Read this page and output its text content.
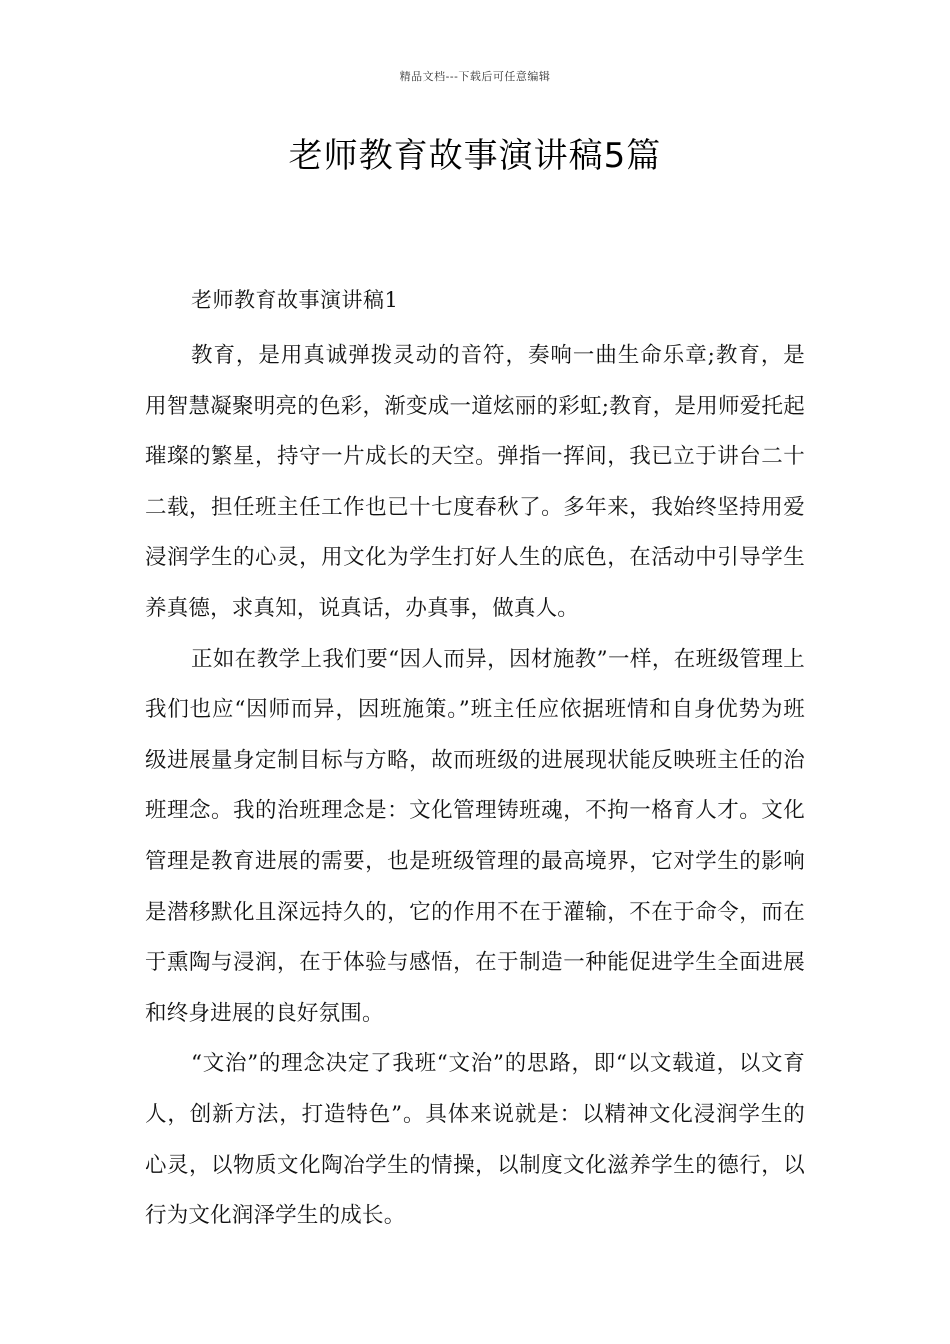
精品文档---下载后可任意编辑
老师教育故事演讲稿5篇
老师教育故事演讲稿1

教育，是用真诚弹拨灵动的音符，奏响一曲生命乐章;教育，是用智慧凝聚明亮的色彩，渐变成一道炫丽的彩虹;教育，是用师爱托起璀璨的繁星，持守一片成长的天空。弹指一挥间，我已立于讲台二十二载，担任班主任工作也已十七度春秋了。多年来，我始终坚持用爱浸润学生的心灵，用文化为学生打好人生的底色，在活动中引导学生养真德，求真知，说真话，办真事，做真人。

正如在教学上我们要“因人而异，因材施教”一样，在班级管理上我们也应“因师而异，因班施策。”班主任应依据班情和自身优势为班级进展量身定制目标与方略，故而班级的进展现状能反映班主任的治班理念。我的治班理念是：文化管理铸班魂，不拘一格育人才。文化管理是教育进展的需要，也是班级管理的最高境界，它对学生的影响是潜移默化且深远持久的，它的作用不在于灌输，不在于命令，而在于熏陶与浸润，在于体验与感悟，在于制造一种能促进学生全面进展和终身进展的良好氛围。

“文治”的理念决定了我班“文治”的思路，即“以文载道，以文育人，创新方法，打造特色”。具体来说就是：以精神文化浸润学生的心灵，以物质文化陶冶学生的情操，以制度文化滋养学生的德行，以行为文化润泽学生的成长。
